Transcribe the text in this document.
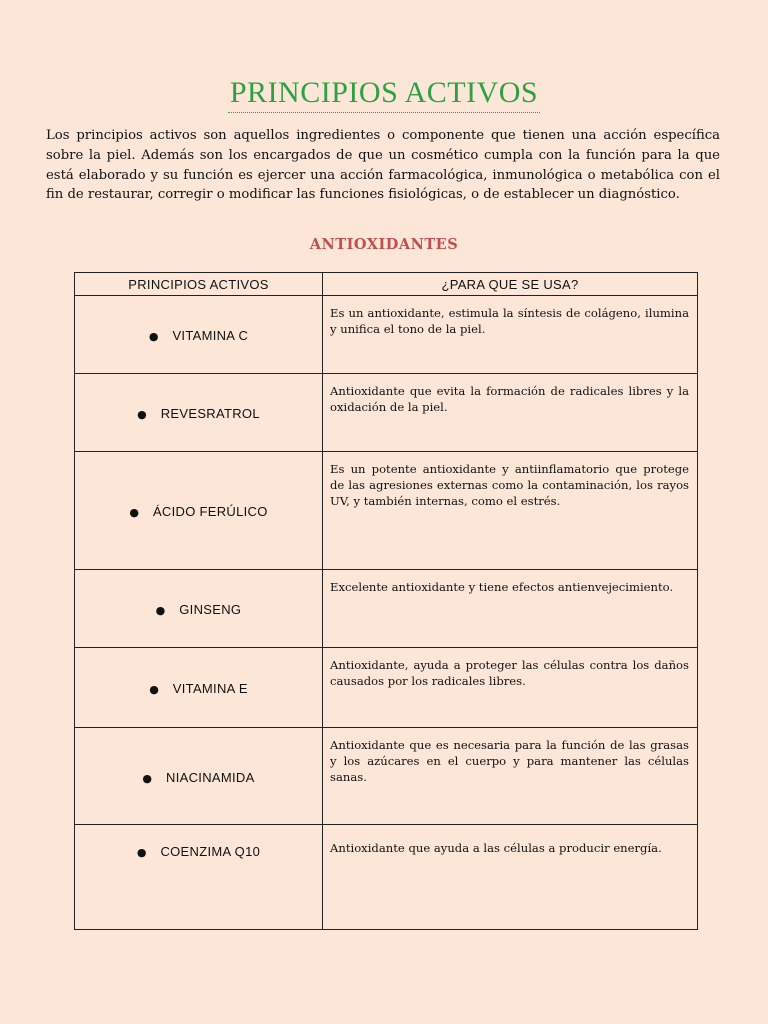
PRINCIPIOS ACTIVOS

Los principios activos son aquellos ingredientes o componente que tienen una acción específica sobre la piel. Además son los encargados de que un cosmético cumpla con la función para la que está elaborado y su función es ejercer una acción farmacológica, inmunológica o metabólica con el fin de restaurar, corregir o modificar las funciones fisiológicas, o de establecer un diagnóstico.

ANTIOXIDANTES
PRINCIPIOS ACTIVOS	¿PARA QUE SE USA?
● VITAMINA C	Es un antioxidante, estimula la síntesis de colágeno, ilumina y unifica el tono de la piel.
● REVESRATROL	Antioxidante que evita la formación de radicales libres y la oxidación de la piel.
● ÁCIDO FERÚLICO	Es un potente antioxidante y antiinflamatorio que protege de las agresiones externas como la contaminación, los rayos UV, y también internas, como el estrés.
● GINSENG	Excelente antioxidante y tiene efectos antienvejecimiento.
● VITAMINA E	Antioxidante, ayuda a proteger las células contra los daños causados por los radicales libres.
● NIACINAMIDA	Antioxidante que es necesaria para la función de las grasas y los azúcares en el cuerpo y para mantener las células sanas.
● COENZIMA Q10	Antioxidante que ayuda a las células a producir energía.
